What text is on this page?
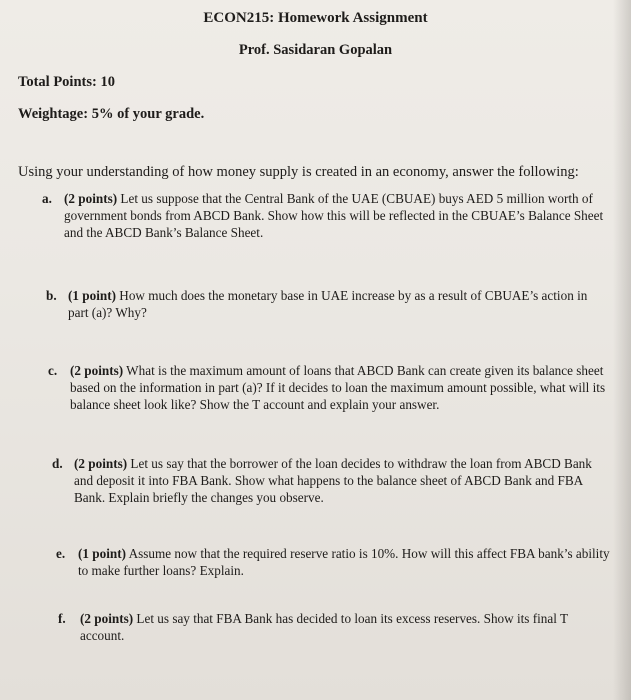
ECON215: Homework Assignment
Prof. Sasidaran Gopalan
Total Points: 10
Weightage: 5% of your grade.
Using your understanding of how money supply is created in an economy, answer the following:
a. (2 points) Let us suppose that the Central Bank of the UAE (CBUAE) buys AED 5 million worth of government bonds from ABCD Bank. Show how this will be reflected in the CBUAE’s Balance Sheet and the ABCD Bank’s Balance Sheet.
b. (1 point) How much does the monetary base in UAE increase by as a result of CBUAE’s action in part (a)? Why?
c. (2 points) What is the maximum amount of loans that ABCD Bank can create given its balance sheet based on the information in part (a)? If it decides to loan the maximum amount possible, what will its balance sheet look like? Show the T account and explain your answer.
d. (2 points) Let us say that the borrower of the loan decides to withdraw the loan from ABCD Bank and deposit it into FBA Bank. Show what happens to the balance sheet of ABCD Bank and FBA Bank. Explain briefly the changes you observe.
e. (1 point) Assume now that the required reserve ratio is 10%. How will this affect FBA bank’s ability to make further loans? Explain.
f. (2 points) Let us say that FBA Bank has decided to loan its excess reserves. Show its final T account.
